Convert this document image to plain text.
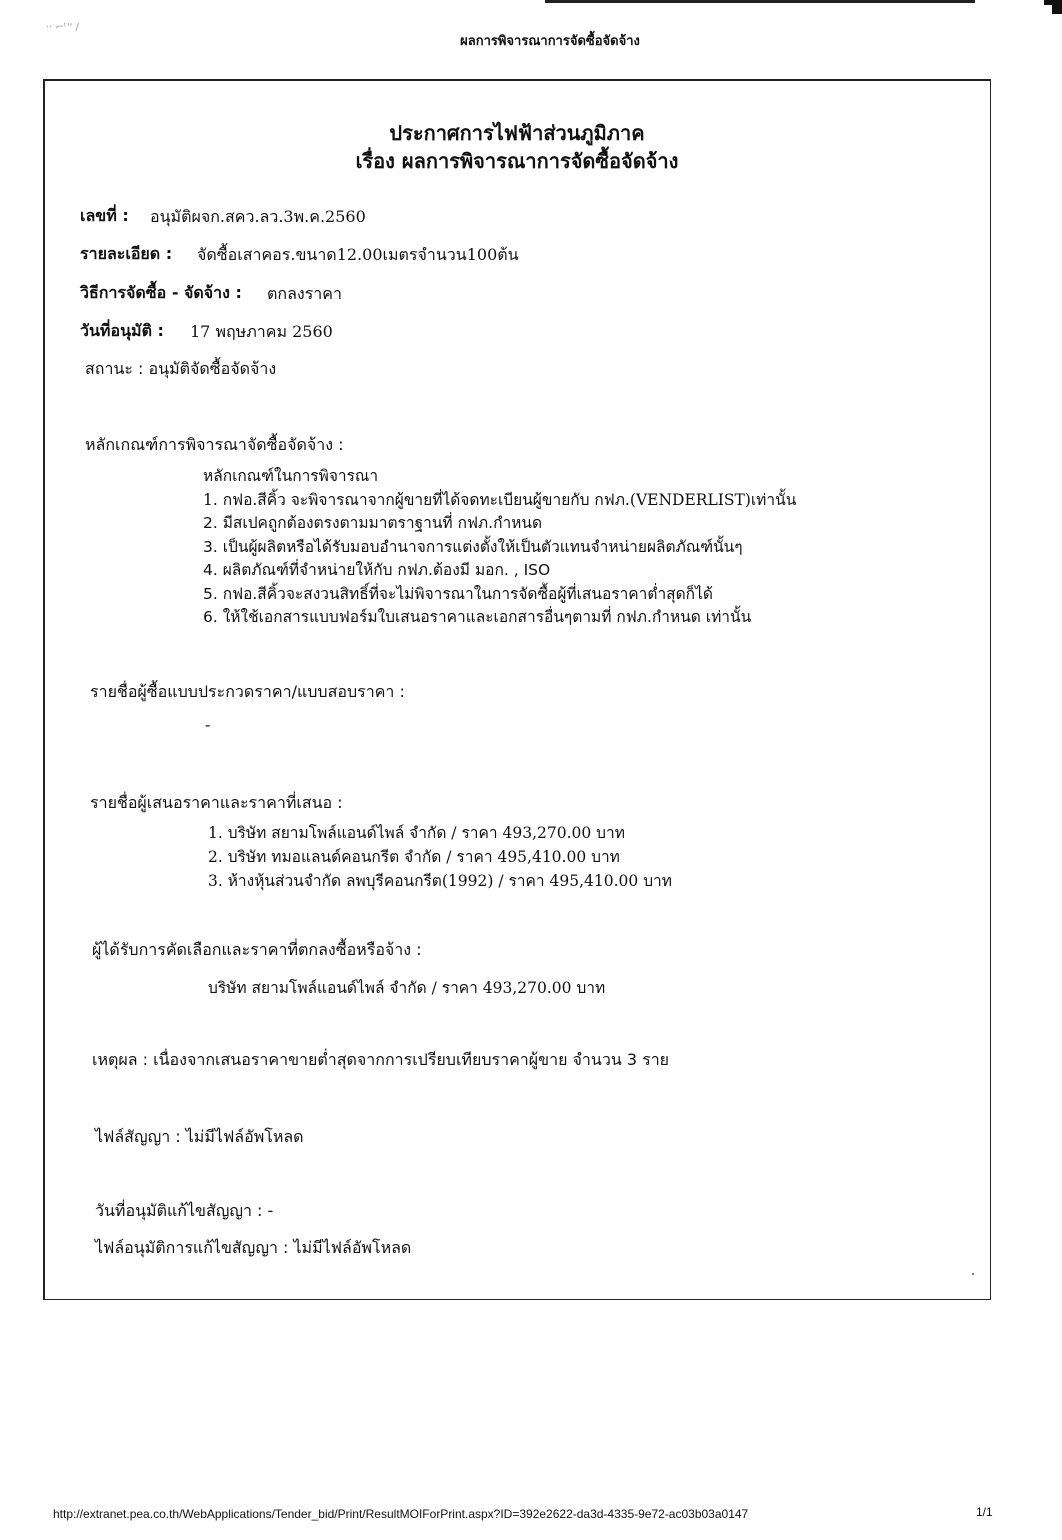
·· ⌐ᵗ'' /
ผลการพิจารณาการจัดซื้อจัดจ้าง
ประกาศการไฟฟ้าส่วนภูมิภาค
เรื่อง ผลการพิจารณาการจัดซื้อจัดจ้าง
เลขที่ : อนุมัติผจก.สคว.ลว.3พ.ค.2560
รายละเอียด : จัดซื้อเสาคอร.ขนาด12.00เมตรจำนวน100ต้น
วิธีการจัดซื้อ - จัดจ้าง : ตกลงราคา
วันที่อนุมัติ : 17 พฤษภาคม 2560
สถานะ : อนุมัติจัดซื้อจัดจ้าง
หลักเกณฑ์การพิจารณาจัดซื้อจัดจ้าง :
หลักเกณฑ์ในการพิจารณา
1. กฟอ.สีคิ้ว จะพิจารณาจากผู้ขายที่ได้จดทะเบียนผู้ขายกับ กฟภ.(VENDERLIST)เท่านั้น
2. มีสเปคถูกต้องตรงตามมาตราฐานที่ กฟภ.กำหนด
3. เป็นผู้ผลิตหรือได้รับมอบอำนาจการแต่งตั้งให้เป็นตัวแทนจำหน่ายผลิตภัณฑ์นั้นๆ
4. ผลิตภัณฑ์ที่จำหน่ายให้กับ กฟภ.ต้องมี มอก. , ISO
5. กฟอ.สีคิ้วจะสงวนสิทธิ์ที่จะไม่พิจารณาในการจัดซื้อผู้ที่เสนอราคาต่ำสุดก็ได้
6. ให้ใช้เอกสารแบบฟอร์มใบเสนอราคาและเอกสารอื่นๆตามที่ กฟภ.กำหนด เท่านั้น
รายชื่อผู้ซื้อแบบประกวดราคา/แบบสอบราคา :
-
รายชื่อผู้เสนอราคาและราคาที่เสนอ :
1. บริษัท สยามโพล์แอนด์ไพล์ จำกัด / ราคา 493,270.00 บาท
2. บริษัท ทมอแลนด์คอนกรีต จำกัด / ราคา 495,410.00 บาท
3. ห้างหุ้นส่วนจำกัด ลพบุรีคอนกรีต(1992) / ราคา 495,410.00 บาท
ผู้ได้รับการคัดเลือกและราคาที่ตกลงซื้อหรือจ้าง :
บริษัท สยามโพล์แอนด์ไพล์ จำกัด / ราคา 493,270.00 บาท
เหตุผล : เนื่องจากเสนอราคาขายต่ำสุดจากการเปรียบเทียบราคาผู้ขาย จำนวน 3 ราย
ไฟล์สัญญา : ไม่มีไฟล์อัพโหลด
วันที่อนุมัติแก้ไขสัญญา : -
ไฟล์อนุมัติการแก้ไขสัญญา : ไม่มีไฟล์อัพโหลด
http://extranet.pea.co.th/WebApplications/Tender_bid/Print/ResultMOIForPrint.aspx?ID=392e2622-da3d-4335-9e72-ac03b03a0147	1/1
